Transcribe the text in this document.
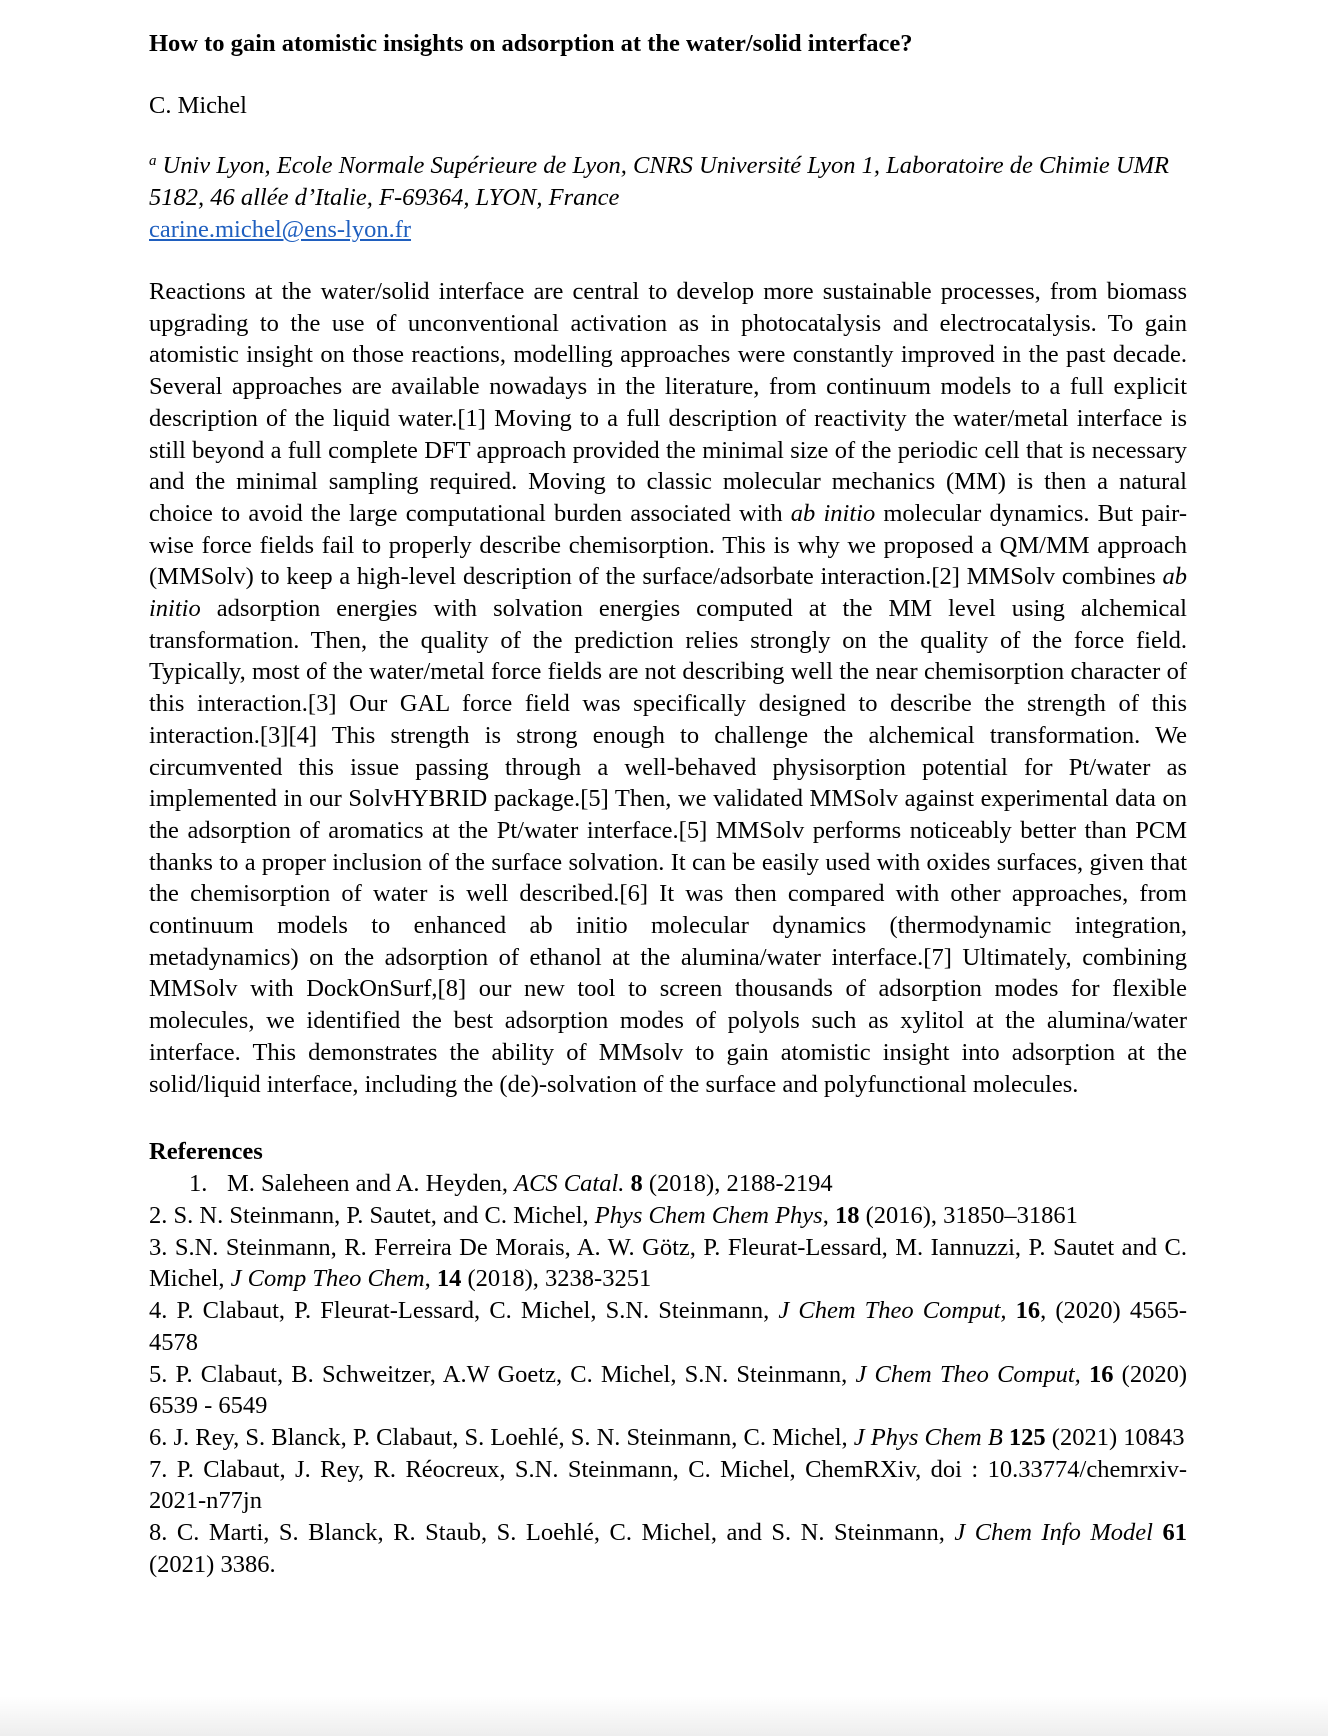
How to gain atomistic insights on adsorption at the water/solid interface?

C. Michel

$^a$ Univ Lyon, Ecole Normale Supérieure de Lyon, CNRS Université Lyon 1, Laboratoire de Chimie UMR 5182, 46 allée d’Italie, F-69364, LYON, France

carine.michel@ens-lyon.fr

Reactions at the water/solid interface are central to develop more sustainable processes, from biomass upgrading to the use of unconventional activation as in photocatalysis and electrocatalysis. To gain atomistic insight on those reactions, modelling approaches were constantly improved in the past decade. Several approaches are available nowadays in the literature, from continuum models to a full explicit description of the liquid water.[1] Moving to a full description of reactivity the water/metal interface is still beyond a full complete DFT approach provided the minimal size of the periodic cell that is necessary and the minimal sampling required. Moving to classic molecular mechanics (MM) is then a natural choice to avoid the large computational burden associated with ab initio molecular dynamics. But pair-wise force fields fail to properly describe chemisorption. This is why we proposed a QM/MM approach (MMSolv) to keep a high-level description of the surface/adsorbate interaction.[2] MMSolv combines ab initio adsorption energies with solvation energies computed at the MM level using alchemical transformation. Then, the quality of the prediction relies strongly on the quality of the force field. Typically, most of the water/metal force fields are not describing well the near chemisorption character of this interaction.[3] Our GAL force field was specifically designed to describe the strength of this interaction.[3][4] This strength is strong enough to challenge the alchemical transformation. We circumvented this issue passing through a well-behaved physisorption potential for Pt/water as implemented in our SolvHYBRID package.[5] Then, we validated MMSolv against experimental data on the adsorption of aromatics at the Pt/water interface.[5] MMSolv performs noticeably better than PCM thanks to a proper inclusion of the surface solvation. It can be easily used with oxides surfaces, given that the chemisorption of water is well described.[6] It was then compared with other approaches, from continuum models to enhanced ab initio molecular dynamics (thermodynamic integration, metadynamics) on the adsorption of ethanol at the alumina/water interface.[7] Ultimately, combining MMSolv with DockOnSurf,[8] our new tool to screen thousands of adsorption modes for flexible molecules, we identified the best adsorption modes of polyols such as xylitol at the alumina/water interface. This demonstrates the ability of MMsolv to gain atomistic insight into adsorption at the solid/liquid interface, including the (de)-solvation of the surface and polyfunctional molecules.

References

1. M. Saleheen and A. Heyden, ACS Catal. 8 (2018), 2188-2194

2. S. N. Steinmann, P. Sautet, and C. Michel, Phys Chem Chem Phys, 18 (2016), 31850–31861

3. S.N. Steinmann, R. Ferreira De Morais, A. W. Götz, P. Fleurat-Lessard, M. Iannuzzi, P. Sautet and C. Michel, J Comp Theo Chem, 14 (2018), 3238-3251

4. P. Clabaut, P. Fleurat-Lessard, C. Michel, S.N. Steinmann, J Chem Theo Comput, 16, (2020) 4565-4578

5. P. Clabaut, B. Schweitzer, A.W Goetz, C. Michel, S.N. Steinmann, J Chem Theo Comput, 16 (2020) 6539 - 6549

6. J. Rey, S. Blanck, P. Clabaut, S. Loehlé, S. N. Steinmann, C. Michel, J Phys Chem B 125 (2021) 10843

7. P. Clabaut, J. Rey, R. Réocreux, S.N. Steinmann, C. Michel, ChemRXiv, doi : 10.33774/chemrxiv-2021-n77jn

8. C. Marti, S. Blanck, R. Staub, S. Loehlé, C. Michel, and S. N. Steinmann, J Chem Info Model 61 (2021) 3386.
